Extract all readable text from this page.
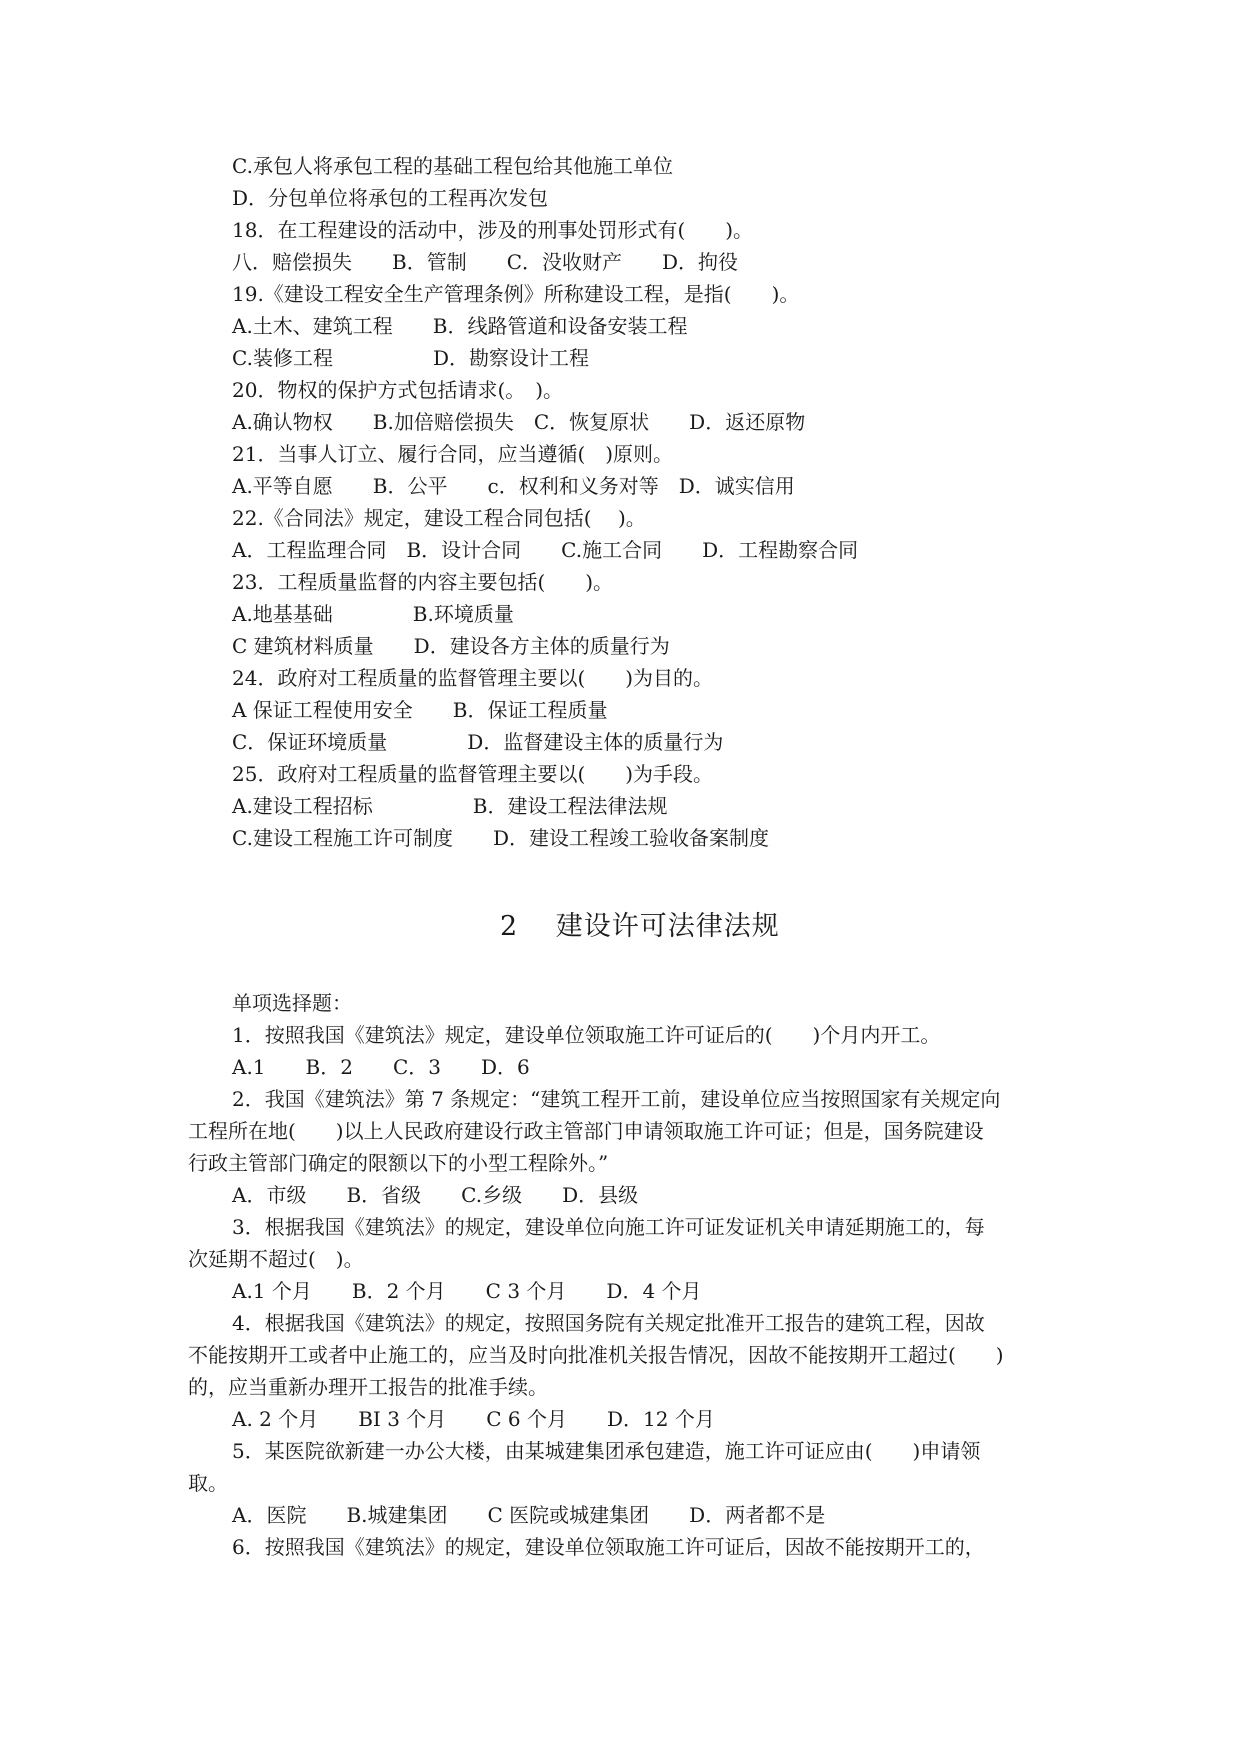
C.承包人将承包工程的基础工程包给其他施工单位
D．分包单位将承包的工程再次发包
18．在工程建设的活动中，涉及的刑事处罚形式有(　　)。
八．赔偿损失　　B．管制　　C．没收财产　　D．拘役
19.《建设工程安全生产管理条例》所称建设工程，是指(　　)。
A.土木、建筑工程　　B．线路管道和设备安装工程
C.装修工程　　　　　D．勘察设计工程
20．物权的保护方式包括请求(。　)。
A.确认物权　　B.加倍赔偿损失　C．恢复原状　　D．返还原物
21．当事人订立、履行合同，应当遵循(　)原则。
A.平等自愿　　B．公平　　c．权利和义务对等　D．诚实信用
22.《合同法》规定，建设工程合同包括(　 )。
A．工程监理合同　B．设计合同　　C.施工合同　　D．工程勘察合同
23．工程质量监督的内容主要包括(　　)。
A.地基基础　　　　B.环境质量
C 建筑材料质量　　D．建设各方主体的质量行为
24．政府对工程质量的监督管理主要以(　　)为目的。
A 保证工程使用安全　　B．保证工程质量
C．保证环境质量　　　　D．监督建设主体的质量行为
25．政府对工程质量的监督管理主要以(　　)为手段。
A.建设工程招标　　　　　B．建设工程法律法规
C.建设工程施工许可制度　　D．建设工程竣工验收备案制度
2　 建设许可法律法规
单项选择题：
1．按照我国《建筑法》规定，建设单位领取施工许可证后的(　　)个月内开工。
A.1　　B．2　　C．3　　D．6
2．我国《建筑法》第 7 条规定：“建筑工程开工前，建设单位应当按照国家有关规定向
工程所在地(　　)以上人民政府建设行政主管部门申请领取施工许可证；但是，国务院建设
行政主管部门确定的限额以下的小型工程除外。”
A．市级　　B．省级　　C.乡级　　D．县级
3．根据我国《建筑法》的规定，建设单位向施工许可证发证机关申请延期施工的，每
次延期不超过(　)。
A.1 个月　　B．2 个月　　C 3 个月　　D．4 个月
4．根据我国《建筑法》的规定，按照国务院有关规定批准开工报告的建筑工程，因故
不能按期开工或者中止施工的，应当及时向批准机关报告情况，因故不能按期开工超过(　　)
的，应当重新办理开工报告的批准手续。
A. 2 个月　　BI 3 个月　　C 6 个月　　D．12 个月
5．某医院欲新建一办公大楼，由某城建集团承包建造，施工许可证应由(　　)申请领
取。
A．医院　　B.城建集团　　C 医院或城建集团　　D．两者都不是
6．按照我国《建筑法》的规定，建设单位领取施工许可证后，因故不能按期开工的，
